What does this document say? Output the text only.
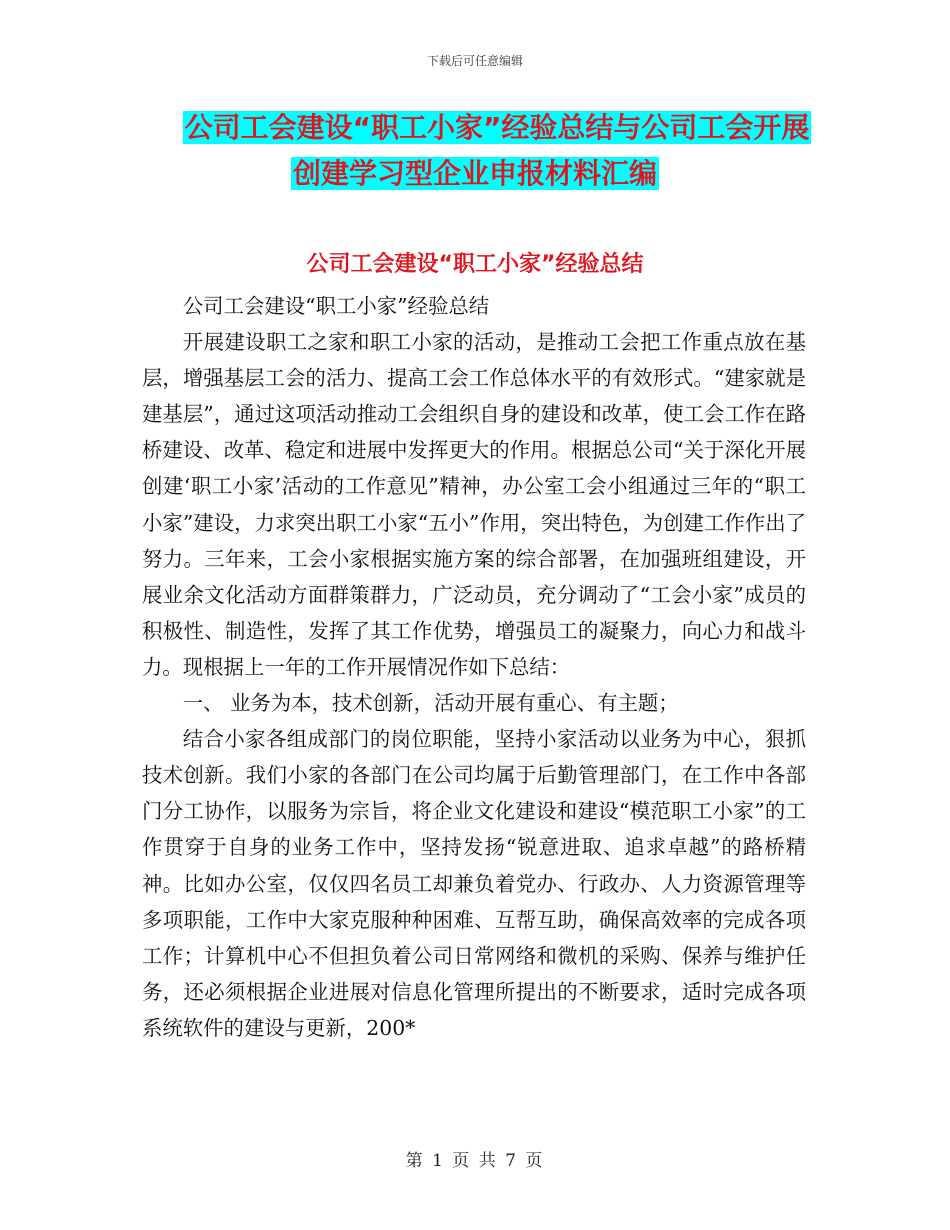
下载后可任意编辑
公司工会建设“职工小家”经验总结与公司工会开展
创建学习型企业申报材料汇编
公司工会建设“职工小家”经验总结

公司工会建设“职工小家”经验总结

开展建设职工之家和职工小家的活动，是推动工会把工作重点放在基层，增强基层工会的活力、提高工会工作总体水平的有效形式。“建家就是建基层”，通过这项活动推动工会组织自身的建设和改革，使工会工作在路桥建设、改革、稳定和进展中发挥更大的作用。根据总公司“关于深化开展创建‘职工小家’活动的工作意见”精神，办公室工会小组通过三年的“职工小家”建设，力求突出职工小家“五小”作用，突出特色，为创建工作作出了努力。三年来，工会小家根据实施方案的综合部署，在加强班组建设，开展业余文化活动方面群策群力，广泛动员，充分调动了“工会小家”成员的积极性、制造性，发挥了其工作优势，增强员工的凝聚力，向心力和战斗力。现根据上一年的工作开展情况作如下总结：

一、 业务为本，技术创新，活动开展有重心、有主题；

结合小家各组成部门的岗位职能，坚持小家活动以业务为中心，狠抓技术创新。我们小家的各部门在公司均属于后勤管理部门，在工作中各部门分工协作，以服务为宗旨，将企业文化建设和建设“模范职工小家”的工作贯穿于自身的业务工作中，坚持发扬“锐意进取、追求卓越”的路桥精神。比如办公室，仅仅四名员工却兼负着党办、行政办、人力资源管理等多项职能，工作中大家克服种种困难、互帮互助，确保高效率的完成各项工作；计算机中心不但担负着公司日常网络和微机的采购、保养与维护任务，还必须根据企业进展对信息化管理所提出的不断要求，适时完成各项系统软件的建设与更新，200*

第 1 页 共 7 页
